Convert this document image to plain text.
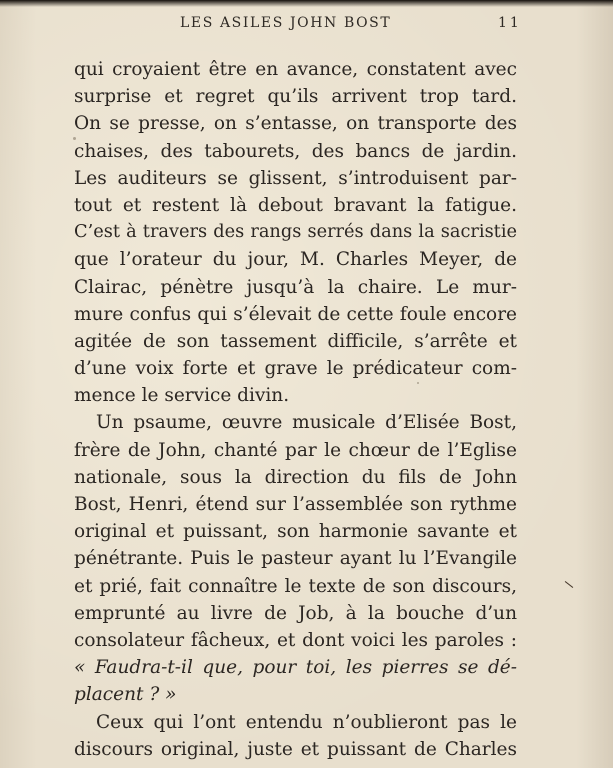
LES ASILES JOHN BOST	11
qui croyaient être en avance, constatent avec
surprise et regret qu’ils arrivent trop tard.
On se presse, on s’entasse, on transporte des
chaises, des tabourets, des bancs de jardin.
Les auditeurs se glissent, s’introduisent par-
tout et restent là debout bravant la fatigue.
C’est à travers des rangs serrés dans la sacristie
que l’orateur du jour, M. Charles Meyer, de
Clairac, pénètre jusqu’à la chaire. Le mur-
mure confus qui s’élevait de cette foule encore
agitée de son tassement difficile, s’arrête et
d’une voix forte et grave le prédicateur com-
mence le service divin.
Un psaume, œuvre musicale d’Elisée Bost,
frère de John, chanté par le chœur de l’Eglise
nationale, sous la direction du fils de John
Bost, Henri, étend sur l’assemblée son rythme
original et puissant, son harmonie savante et
pénétrante. Puis le pasteur ayant lu l’Evangile
et prié, fait connaître le texte de son discours,
emprunté au livre de Job, à la bouche d’un
consolateur fâcheux, et dont voici les paroles :
« Faudra-t-il que, pour toi, les pierres se dé-
placent ? »
Ceux qui l’ont entendu n’oublieront pas le
discours original, juste et puissant de Charles
